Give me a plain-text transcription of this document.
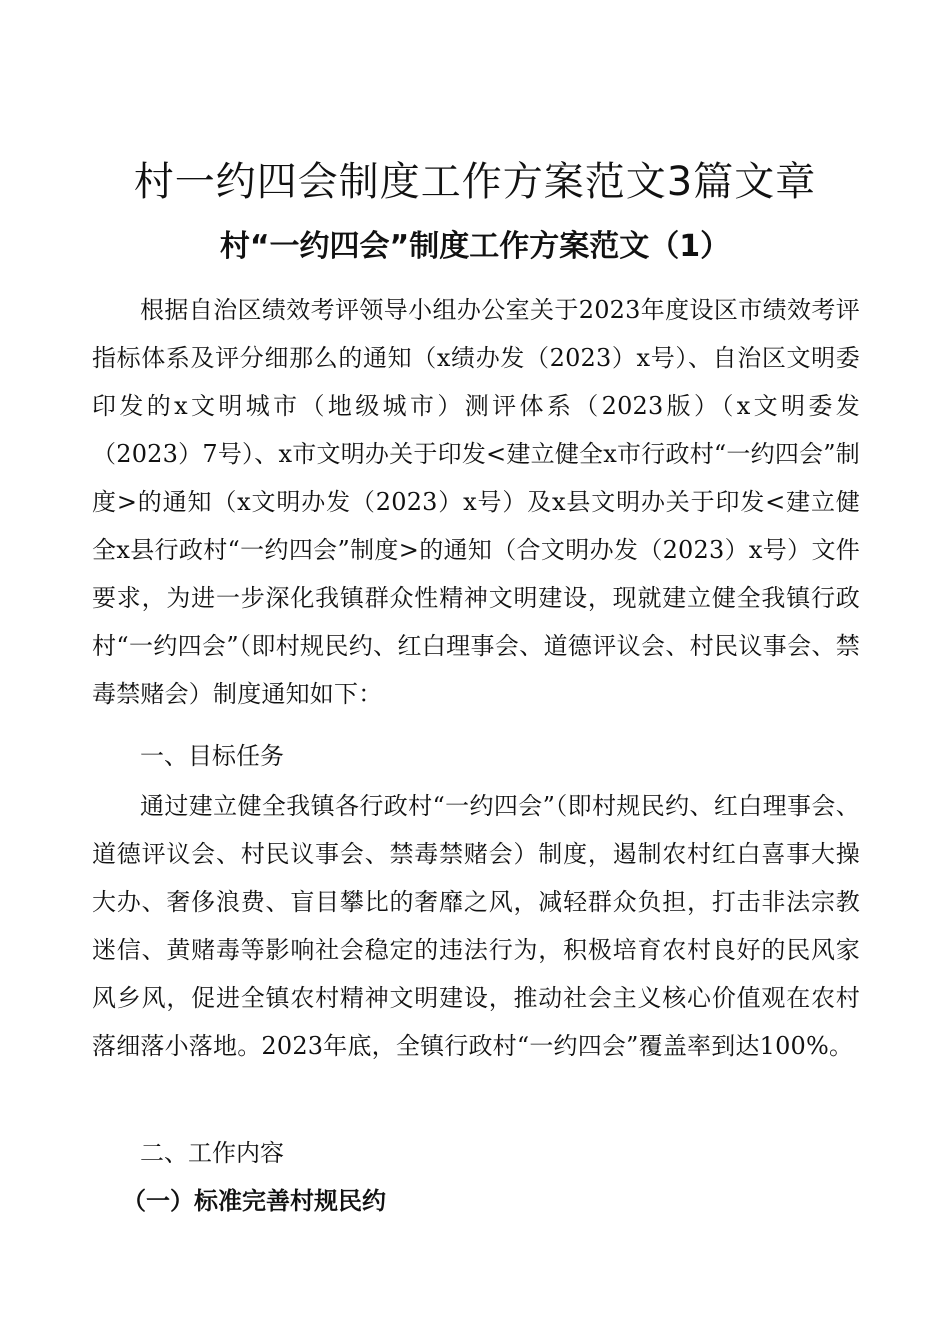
村一约四会制度工作方案范文3篇文章
村“一约四会”制度工作方案范文（1）

根据自治区绩效考评领导小组办公室关于2023年度设区市绩效考评指标体系及评分细那么的通知（x绩办发（2023）x号）、自治区文明委印发的x文明城市（地级城市）测评体系（2023版）（x文明委发（2023）7号）、x市文明办关于印发<建立健全x市行政村“一约四会”制度>的通知（x文明办发（2023）x号）及x县文明办关于印发<建立健全x县行政村“一约四会”制度>的通知（合文明办发（2023）x号）文件要求，为进一步深化我镇群众性精神文明建设，现就建立健全我镇行政村“一约四会”（即村规民约、红白理事会、道德评议会、村民议事会、禁毒禁赌会）制度通知如下：

一、目标任务

通过建立健全我镇各行政村“一约四会”（即村规民约、红白理事会、道德评议会、村民议事会、禁毒禁赌会）制度，遏制农村红白喜事大操大办、奢侈浪费、盲目攀比的奢靡之风，减轻群众负担，打击非法宗教迷信、黄赌毒等影响社会稳定的违法行为，积极培育农村良好的民风家风乡风，促进全镇农村精神文明建设，推动社会主义核心价值观在农村落细落小落地。2023年底，全镇行政村“一约四会”覆盖率到达100%。

二、工作内容
（一）标准完善村规民约
